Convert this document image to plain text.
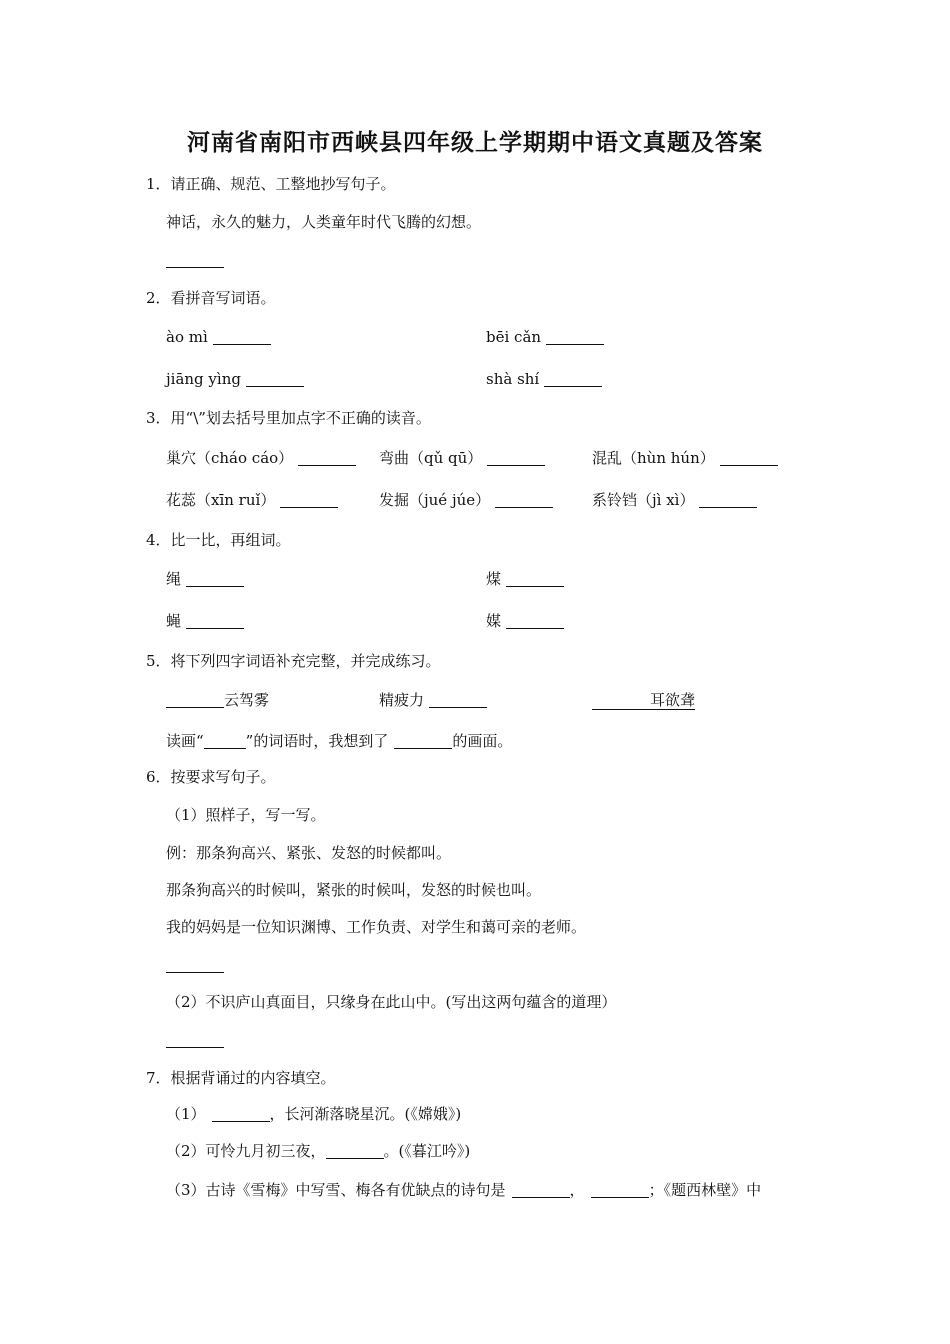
河南省南阳市西峡县四年级上学期期中语文真题及答案
1．请正确、规范、工整地抄写句子。
神话，永久的魅力，人类童年时代飞腾的幻想。
2．看拼音写词语。
ào mì	bēi cǎn
jiāng yìng	shà shí
3．用“\”划去括号里加点字不正确的读音。
巢穴（cháo cáo）	弯曲（qǔ qū）	混乱（hùn hún）
花蕊（xīn ruǐ）	发掘（jué júe）	系铃铛（jì xì）
4．比一比，再组词。
绳	煤
蝇	媒
5．将下列四字词语补充完整，并完成练习。
云驾雾	精疲力	耳欲聋
读画“	”的词语时，我想到了	的画面。
6．按要求写句子。
（1）照样子，写一写。
例：那条狗高兴、紧张、发怒的时候都叫。
那条狗高兴的时候叫，紧张的时候叫，发怒的时候也叫。
我的妈妈是一位知识渊博、工作负责、对学生和蔼可亲的老师。
（2）不识庐山真面目，只缘身在此山中。(写出这两句蕴含的道理）
7．根据背诵过的内容填空。
（1）	，长河渐落晓星沉。(《嫦娥》)
（2）可怜九月初三夜，	。(《暮江吟》)
（3）古诗《雪梅》中写雪、梅各有优缺点的诗句是	，	；《题西林壁》中
